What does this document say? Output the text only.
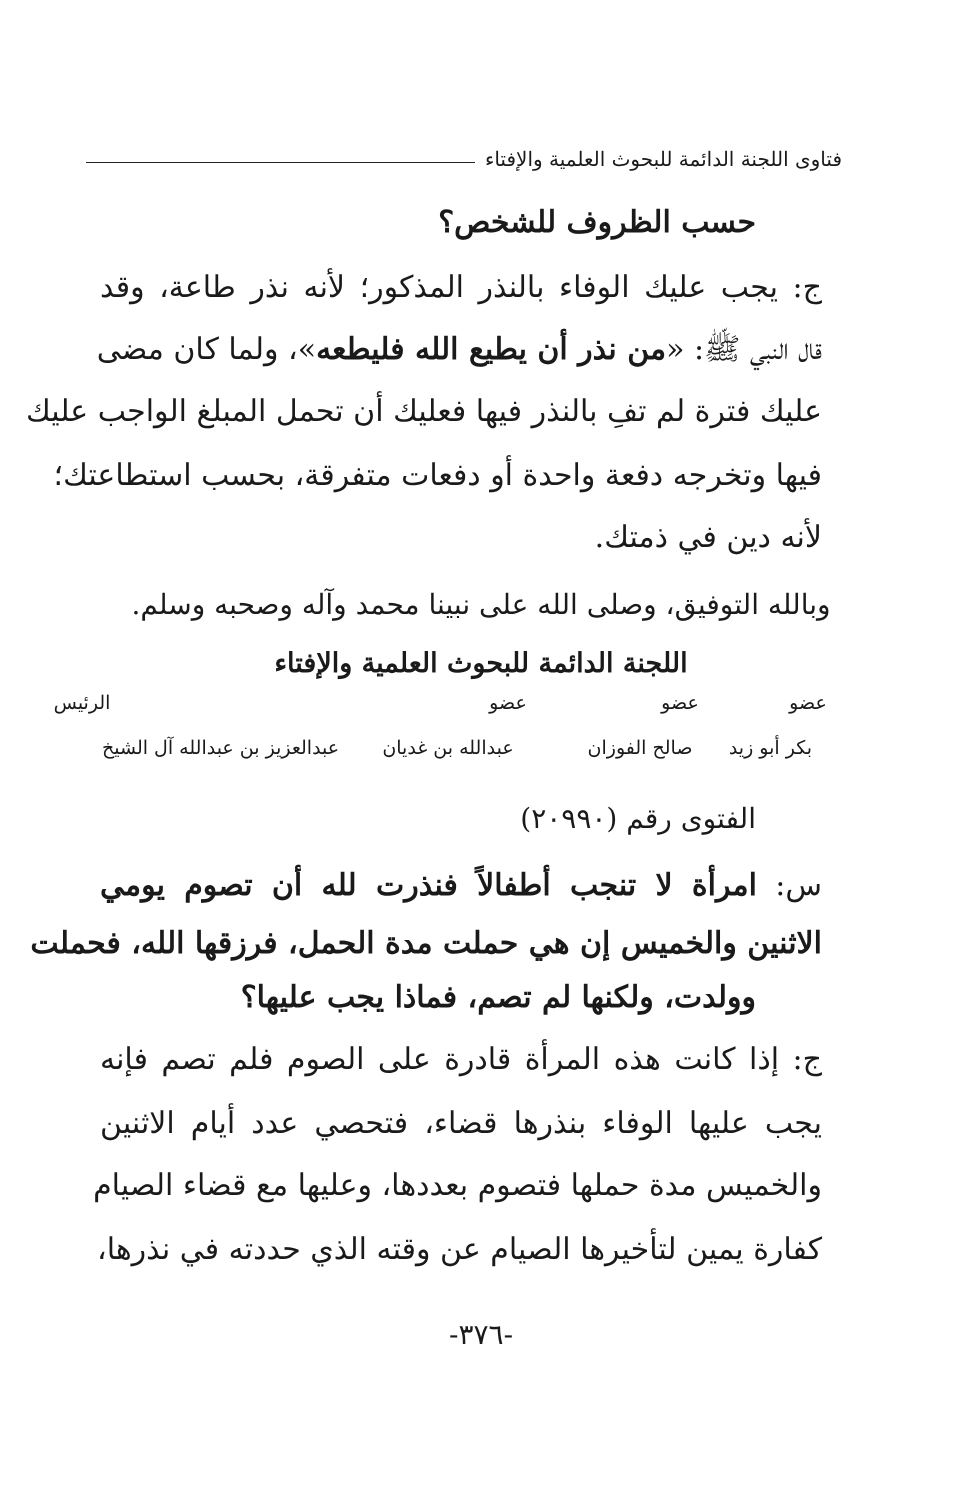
فتاوى اللجنة الدائمة للبحوث العلمية والإفتاء
حسب الظروف للشخص؟
ج: يجب عليك الوفاء بالنذر المذكور؛ لأنه نذر طاعة، وقد
قال النبي ﷺ: «من نذر أن يطيع الله فليطعه»، ولما كان مضى
عليك فترة لم تفِ بالنذر فيها فعليك أن تحمل المبلغ الواجب عليك
فيها وتخرجه دفعة واحدة أو دفعات متفرقة، بحسب استطاعتك؛
لأنه دين في ذمتك.
وبالله التوفيق، وصلى الله على نبينا محمد وآله وصحبه وسلم.
اللجنة الدائمة للبحوث العلمية والإفتاء
الرئيس	عضو	عضو	عضو
عبدالعزيز بن عبدالله آل الشيخ	عبدالله بن غديان	صالح الفوزان	بكر أبو زيد
الفتوى رقم (٢٠٩٩٠)
س: امرأة لا تنجب أطفالاً فنذرت لله أن تصوم يومي
الاثنين والخميس إن هي حملت مدة الحمل، فرزقها الله، فحملت
وولدت، ولكنها لم تصم، فماذا يجب عليها؟
ج: إذا كانت هذه المرأة قادرة على الصوم فلم تصم فإنه
يجب عليها الوفاء بنذرها قضاء، فتحصي عدد أيام الاثنين
والخميس مدة حملها فتصوم بعددها، وعليها مع قضاء الصيام
كفارة يمين لتأخيرها الصيام عن وقته الذي حددته في نذرها،
-٣٧٦-
